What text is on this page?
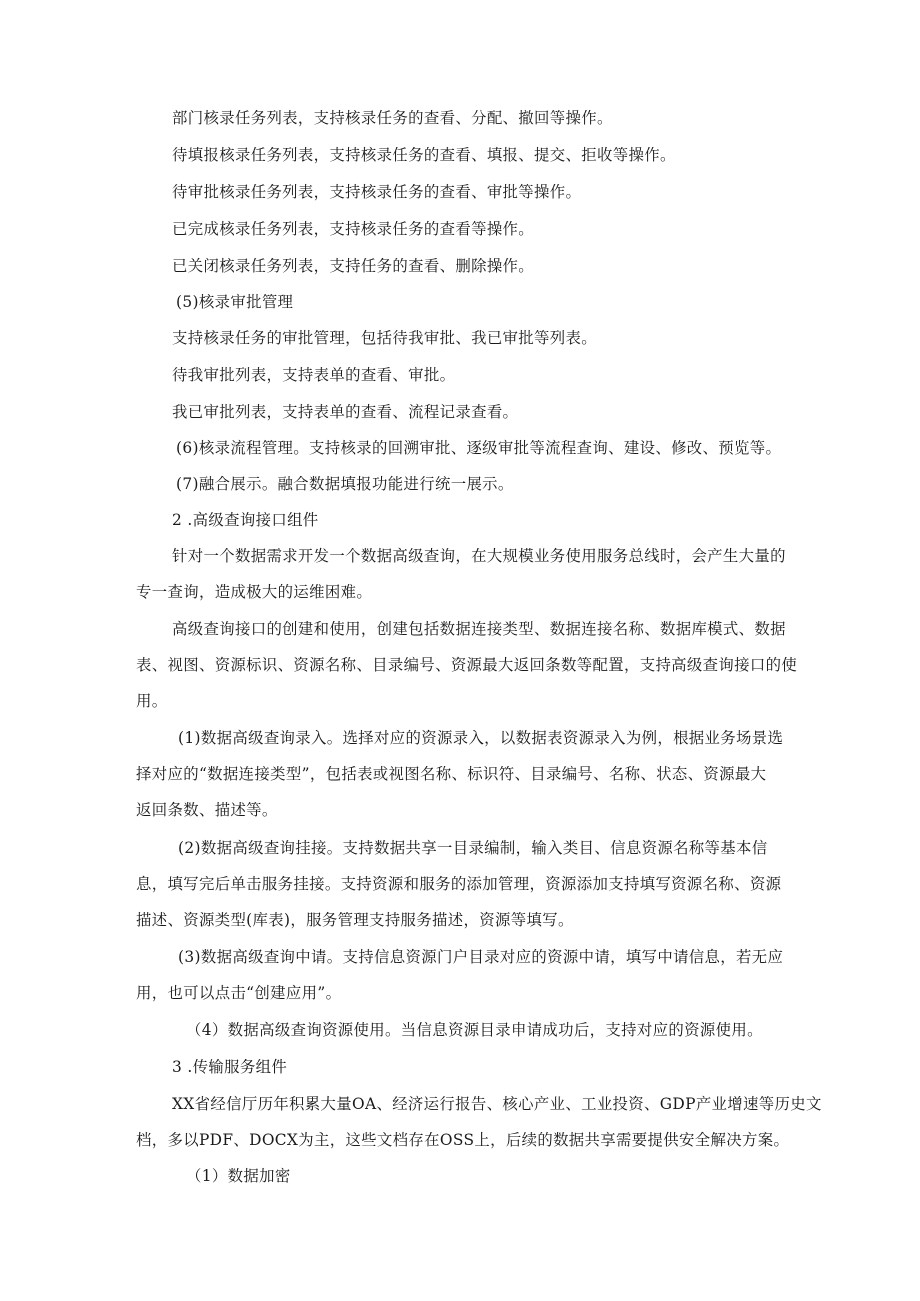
部门核录任务列表，支持核录任务的查看、分配、撤回等操作。

待填报核录任务列表，支持核录任务的查看、填报、提交、拒收等操作。

待审批核录任务列表，支持核录任务的查看、审批等操作。

已完成核录任务列表，支持核录任务的查看等操作。

已关闭核录任务列表，支持任务的查看、删除操作。

(5)核录审批管理

支持核录任务的审批管理，包括待我审批、我已审批等列表。

待我审批列表，支持表单的查看、审批。

我已审批列表，支持表单的查看、流程记录查看。

(6)核录流程管理。支持核录的回溯审批、逐级审批等流程查询、建设、修改、预览等。

(7)融合展示。融合数据填报功能进行统一展示。

2 .高级查询接口组件

针对一个数据需求开发一个数据高级查询，在大规模业务使用服务总线时，会产生大量的

专一查询，造成极大的运维困难。

高级查询接口的创建和使用，创建包括数据连接类型、数据连接名称、数据库模式、数据

表、视图、资源标识、资源名称、目录编号、资源最大返回条数等配置，支持高级查询接口的使

用。

(1)数据高级查询录入。选择对应的资源录入，以数据表资源录入为例，根据业务场景选

择对应的“数据连接类型”，包括表或视图名称、标识符、目录编号、名称、状态、资源最大

返回条数、描述等。

(2)数据高级查询挂接。支持数据共享一目录编制，输入类目、信息资源名称等基本信

息，填写完后单击服务挂接。支持资源和服务的添加管理，资源添加支持填写资源名称、资源

描述、资源类型(库表)，服务管理支持服务描述，资源等填写。

(3)数据高级查询中请。支持信息资源门户目录对应的资源中请，填写中请信息，若无应

用，也可以点击“创建应用”。

（4）数据高级查询资源使用。当信息资源目录申请成功后，支持对应的资源使用。

3 .传输服务组件

XX省经信厅历年积累大量OA、经济运行报告、核心产业、工业投资、GDP产业增速等历史文

档，多以PDF、DOCX为主，这些文档存在OSS上，后续的数据共享需要提供安全解决方案。

（1）数据加密
